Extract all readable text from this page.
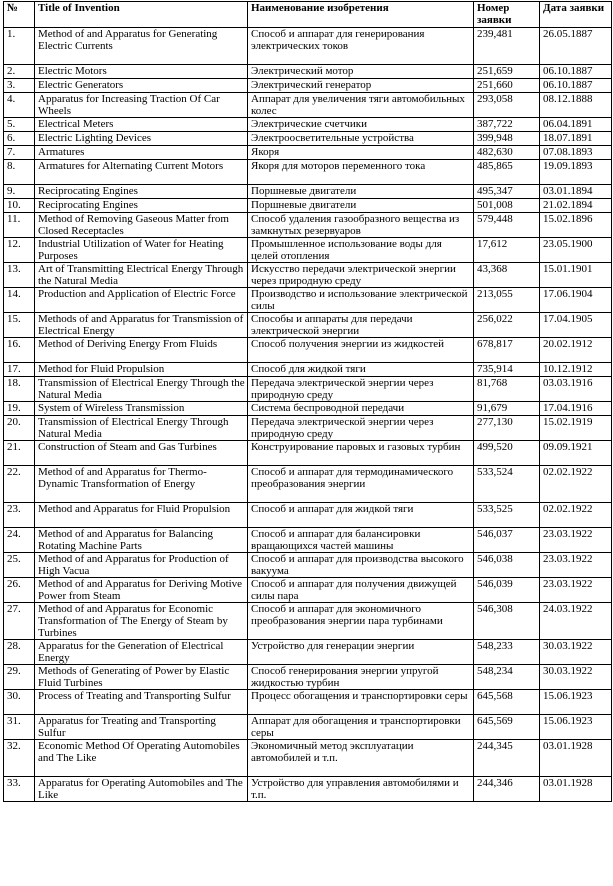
№	Title of Invention	Наименование изобретения	Номер заявки	Дата заявки
1.	Method of and Apparatus for Generating Electric Currents	Способ и аппарат для генерирования электрических токов	239,481	26.05.1887
2.	Electric Motors	Электрический мотор	251,659	06.10.1887
3.	Electric Generators	Электрический генератор	251,660	06.10.1887
4.	Apparatus for Increasing Traction Of Car Wheels	Аппарат для увеличения тяги автомобильных колес	293,058	08.12.1888
5.	Electrical Meters	Электрические счетчики	387,722	06.04.1891
6.	Electric Lighting Devices	Электроосветительные устройства	399,948	18.07.1891
7.	Armatures	Якоря	482,630	07.08.1893
8.	Armatures for Alternating Current Motors	Якоря для моторов переменного тока	485,865	19.09.1893
9.	Reciprocating Engines	Поршневые двигатели	495,347	03.01.1894
10.	Reciprocating Engines	Поршневые двигатели	501,008	21.02.1894
11.	Method of Removing Gaseous Matter from Closed Receptacles	Способ удаления газообразного вещества из замкнутых резервуаров	579,448	15.02.1896
12.	Industrial Utilization of Water for Heating Purposes	Промышленное использование воды для целей отопления	17,612	23.05.1900
13.	Art of Transmitting Electrical Energy Through the Natural Media	Искусство передачи электрической энергии через природную среду	43,368	15.01.1901
14.	Production and Application of Electric Force	Производство и использование электрической силы	213,055	17.06.1904
15.	Methods of and Apparatus for Transmission of Electrical Energy	Способы и аппараты для передачи электрической энергии	256,022	17.04.1905
16.	Method of Deriving Energy From Fluids	Способ получения энергии из жидкостей	678,817	20.02.1912
17.	Method for Fluid Propulsion	Способ для жидкой тяги	735,914	10.12.1912
18.	Transmission of Electrical Energy Through the Natural Media	Передача электрической энергии через природную среду	81,768	03.03.1916
19.	System of Wireless Transmission	Система беспроводной передачи	91,679	17.04.1916
20.	Transmission of Electrical Energy Through Natural Media	Передача электрической энергии через природную среду	277,130	15.02.1919
21.	Construction of Steam and Gas Turbines	Конструирование паровых и газовых турбин	499,520	09.09.1921
22.	Method of and Apparatus for Thermo-Dynamic Transformation of Energy	Способ и аппарат для термодинамического преобразования энергии	533,524	02.02.1922
23.	Method and Apparatus for Fluid Propulsion	Способ и аппарат для жидкой тяги	533,525	02.02.1922
24.	Method of and Apparatus for Balancing Rotating Machine Parts	Способ и аппарат для балансировки вращающихся частей машины	546,037	23.03.1922
25.	Method of and Apparatus for Production of High Vacua	Способ и аппарат для производства высокого вакуума	546,038	23.03.1922
26.	Method of and Apparatus for Deriving Motive Power from Steam	Способ и аппарат для получения движущей силы пара	546,039	23.03.1922
27.	Method of and Apparatus for Economic Transformation of The Energy of Steam by Turbines	Способ и аппарат для экономичного преобразования энергии пара турбинами	546,308	24.03.1922
28.	Apparatus for the Generation of Electrical Energy	Устройство для генерации энергии	548,233	30.03.1922
29.	Methods of Generating of Power by Elastic Fluid Turbines	Способ генерирования энергии упругой жидкостью турбин	548,234	30.03.1922
30.	Process of Treating and Transporting Sulfur	Процесс обогащения и транспортировки серы	645,568	15.06.1923
31.	Apparatus for Treating and Transporting Sulfur	Аппарат для обогащения и транспортировки серы	645,569	15.06.1923
32.	Economic Method Of Operating Automobiles and The Like	Экономичный метод эксплуатации автомобилей и т.п.	244,345	03.01.1928
33.	Apparatus for Operating Automobiles and The Like	Устройство для управления автомобилями и т.п.	244,346	03.01.1928
